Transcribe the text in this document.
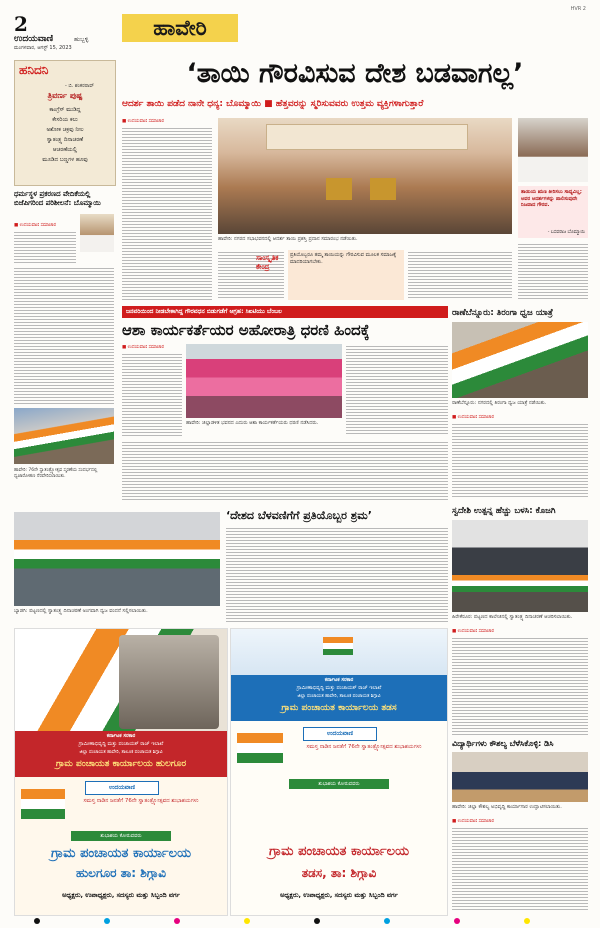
2
ಉದಯವಾಣಿ	ಹುಬ್ಬಳ್ಳಿ
ಮಂಗಳವಾರ, ಆಗಸ್ಟ್ 15, 2023
ಹಾವೇರಿ
HVR 2
ಹನಿದನಿ
- ಬಿ. ಶಂಕರರಾವ್
ತ್ರಿವರ್ಣ ಪುಷ್ಪ
ಕಾಂಗ್ರೆಸ್ ಮುಡಿದ್ದ
ಕೇಸರಿಯ ಕಲು
ಅಶೋಕ ಚಕ್ರವು ನೀಲ
ಸ್ವಾತಂತ್ರ್ಯ ದಿನಾಚರಣೆ
ಆಚರಣೆಯಲ್ಲಿ
ಮೂಡಿದ ಬಣ್ಣಗಳ ಹೂವು
ಧರ್ಮಸ್ಥಳ ಪ್ರಕರಣದ ವೇದಿಕೆಯಲ್ಲಿ ಬಿಜೆಪಿಗರಿಂದ ಪರಿಶೀಲನೆ: ಬೊಮ್ಮಾಯಿ
■ ಉದಯವಾಣಿ ಸಮಾಚಾರ
ಹಾವೇರಿ: 76ನೇ ಸ್ವಾತಂತ್ರ್ಯೋತ್ಸವ ಸ್ಮರಣೆಯ ಸಂದರ್ಭದಲ್ಲಿ ಧ್ವಜಾರೋಹಣ ನೆರವೇರಿಸಲಾಯಿತು.
‘ತಾಯಿ ಗೌರವಿಸುವ ದೇಶ ಬಡವಾಗಲ್ಲ’
ಆದರ್ಶ ತಾಯಿ ಪಡೆದ ನಾನೇ ಧನ್ಯ: ಬೊಮ್ಮಾಯಿ ■ ಹೆತ್ತವರನ್ನು ಸ್ಮರಿಸುವವರು ಉತ್ತಮ ವ್ಯಕ್ತಿಗಳಾಗುತ್ತಾರೆ
■ ಉದಯವಾಣಿ ಸಮಾಚಾರ
ಹಾವೇರಿ: ನಗರದ ಸಭಾಭವನದಲ್ಲಿ ಆದರ್ಶ ತಾಯಿ ಪ್ರಶಸ್ತಿ ಪ್ರದಾನ ಸಮಾರಂಭ ನಡೆಯಿತು.
ಸಾಂಸ್ಕೃತಿಕ ಕೇಂದ್ರ
ಪ್ರತಿಯೊಬ್ಬರೂ ತಮ್ಮ ತಾಯಿಯನ್ನು ಗೌರವಿಸುವ ಮೂಲಕ ಸಮಾಜಕ್ಕೆ ಮಾದರಿಯಾಗಬೇಕು.
ತಾಯಿಯ ಋಣ ತೀರಿಸಲು ಸಾಧ್ಯವಿಲ್ಲ; ಅವರ ಆದರ್ಶಗಳನ್ನು ಪಾಲಿಸುವುದೇ ನಿಜವಾದ ಗೌರವ.
- ಬಸವರಾಜ ಬೊಮ್ಮಾಯಿ
ಜನವರಿಯಿಂದ ನೀಡಬೇಕಾಗಿದ್ದ ಗೌರವಧನ ಬಿಡುಗಡೆಗೆ ಆಗ್ರಹ: ಸಿಐಟಿಯು ಬೆಂಬಲ
ಆಶಾ ಕಾರ್ಯಕರ್ತೆಯರ ಅಹೋರಾತ್ರಿ ಧರಣಿ ಹಿಂದಕ್ಕೆ
■ ಉದಯವಾಣಿ ಸಮಾಚಾರ
ಹಾವೇರಿ: ಜಿಲ್ಲಾಡಳಿತ ಭವನದ ಎದುರು ಆಶಾ ಕಾರ್ಯಕರ್ತೆಯರು ಧರಣಿ ನಡೆಸಿದರು.
ರಾಣೆಬೆನ್ನೂರು: ತಿರಂಗಾ ಧ್ವಜ ಯಾತ್ರೆ
ರಾಣೆಬೆನ್ನೂರು: ನಗರದಲ್ಲಿ ತಿರಂಗಾ ಧ್ವಜ ಯಾತ್ರೆ ನಡೆಯಿತು.
■ ಉದಯವಾಣಿ ಸಮಾಚಾರ
ಬ್ಯಾಡಗಿ: ಪಟ್ಟಣದಲ್ಲಿ ಸ್ವಾತಂತ್ರ್ಯ ದಿನಾಚರಣೆ ಅಂಗವಾಗಿ ಧ್ವಜ ವಂದನೆ ಸಲ್ಲಿಸಲಾಯಿತು.
‘ದೇಶದ ಬೆಳವಣಿಗೆಗೆ ಪ್ರತಿಯೊಬ್ಬರ ಶ್ರಮ’	ಸ್ವದೇಶಿ ಉತ್ಪನ್ನ ಹೆಚ್ಚು ಬಳಸಿ: ಕೊಜಗಿ
ಹಿರೇಕೆರೂರ: ಪಟ್ಟಣದ ಕಾಲೇಜಿನಲ್ಲಿ ಸ್ವಾತಂತ್ರ್ಯ ದಿನಾಚರಣೆ ಆಚರಿಸಲಾಯಿತು.
■ ಉದಯವಾಣಿ ಸಮಾಚಾರ
ವಿದ್ಯಾರ್ಥಿಗಳು ಕೌಶಲ್ಯ ಬೆಳೆಸಿಕೊಳ್ಳಿ: ಡಿಸಿ
ಹಾವೇರಿ: ಜಿಲ್ಲಾ ಕೌಶಲ್ಯ ಅಭಿವೃದ್ಧಿ ಕಾರ್ಯಾಗಾರ ಉದ್ಘಾಟಿಸಲಾಯಿತು.
■ ಉದಯವಾಣಿ ಸಮಾಚಾರ
ಕರ್ನಾಟಕ ಸರಕಾರ
ಗ್ರಾಮೀಣಾಭಿವೃದ್ಧಿ ಮತ್ತು ಪಂಚಾಯತ್ ರಾಜ್ ಇಲಾಖೆ
ಜಿಲ್ಲಾ ಪಂಚಾಯತ ಹಾವೇರಿ, ತಾಲೂಕ ಪಂಚಾಯತ ಶಿಗ್ಗಾವಿ
ಗ್ರಾಮ ಪಂಚಾಯತ ಕಾರ್ಯಾಲಯ ಹುಲಗೂರ
ಉದಯವಾಣಿ
ಸಮಸ್ತ ನಾಡಿನ ಜನತೆಗೆ 76ನೇ ಸ್ವಾತಂತ್ರ್ಯೋತ್ಸವದ ಶುಭಾಶಯಗಳು
ಶುಭಾಶಯ ಕೋರುವವರು
ಗ್ರಾಮ ಪಂಚಾಯತ ಕಾರ್ಯಾಲಯ
ಹುಲಗೂರ ತಾ: ಶಿಗ್ಗಾವಿ
ಅಧ್ಯಕ್ಷರು, ಉಪಾಧ್ಯಕ್ಷರು, ಸದಸ್ಯರು ಮತ್ತು ಸಿಬ್ಬಂದಿ ವರ್ಗ
ಕರ್ನಾಟಕ ಸರಕಾರ
ಗ್ರಾಮೀಣಾಭಿವೃದ್ಧಿ ಮತ್ತು ಪಂಚಾಯತ್ ರಾಜ್ ಇಲಾಖೆ
ಜಿಲ್ಲಾ ಪಂಚಾಯತ ಹಾವೇರಿ, ತಾಲೂಕ ಪಂಚಾಯತ ಶಿಗ್ಗಾವಿ
ಗ್ರಾಮ ಪಂಚಾಯತ ಕಾರ್ಯಾಲಯ ತಡಸ
ಉದಯವಾಣಿ
ಸಮಸ್ತ ನಾಡಿನ ಜನತೆಗೆ 76ನೇ ಸ್ವಾತಂತ್ರ್ಯೋತ್ಸವದ ಶುಭಾಶಯಗಳು
ಶುಭಾಶಯ ಕೋರುವವರು
ಗ್ರಾಮ ಪಂಚಾಯತ ಕಾರ್ಯಾಲಯ
ತಡಸ, ತಾ: ಶಿಗ್ಗಾವಿ
ಅಧ್ಯಕ್ಷರು, ಉಪಾಧ್ಯಕ್ಷರು, ಸದಸ್ಯರು ಮತ್ತು ಸಿಬ್ಬಂದಿ ವರ್ಗ
